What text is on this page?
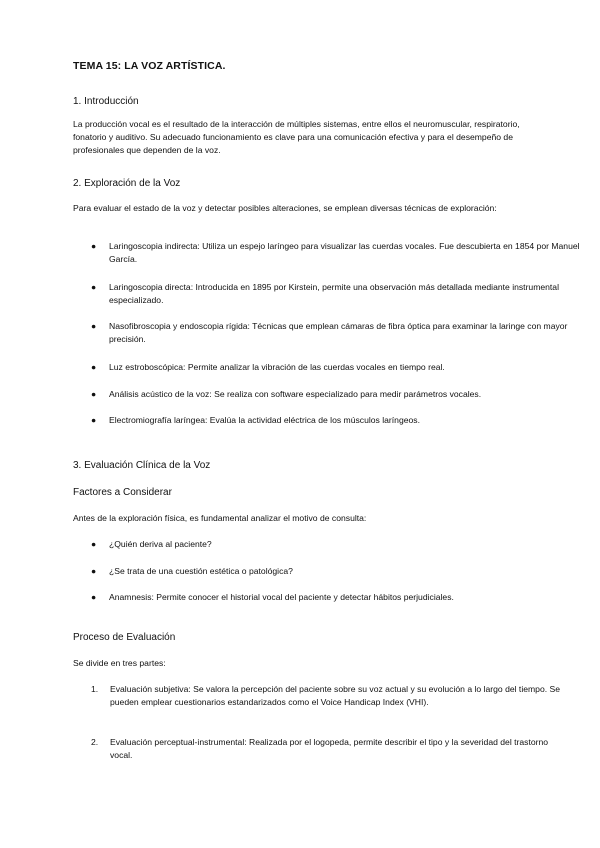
TEMA 15: LA VOZ ARTÍSTICA.
1. Introducción
La producción vocal es el resultado de la interacción de múltiples sistemas, entre ellos el neuromuscular, respiratorio, fonatorio y auditivo. Su adecuado funcionamiento es clave para una comunicación efectiva y para el desempeño de profesionales que dependen de la voz.
2. Exploración de la Voz
Para evaluar el estado de la voz y detectar posibles alteraciones, se emplean diversas técnicas de exploración:
●	Laringoscopia indirecta: Utiliza un espejo laríngeo para visualizar las cuerdas vocales. Fue descubierta en 1854 por Manuel García.
●	Laringoscopia directa: Introducida en 1895 por Kirstein, permite una observación más detallada mediante instrumental especializado.
●	Nasofibroscopia y endoscopia rígida: Técnicas que emplean cámaras de fibra óptica para examinar la laringe con mayor precisión.
●	Luz estroboscópica: Permite analizar la vibración de las cuerdas vocales en tiempo real.
●	Análisis acústico de la voz: Se realiza con software especializado para medir parámetros vocales.
●	Electromiografía laríngea: Evalúa la actividad eléctrica de los músculos laríngeos.
3. Evaluación Clínica de la Voz
Factores a Considerar
Antes de la exploración física, es fundamental analizar el motivo de consulta:
●	¿Quién deriva al paciente?
●	¿Se trata de una cuestión estética o patológica?
●	Anamnesis: Permite conocer el historial vocal del paciente y detectar hábitos perjudiciales.
Proceso de Evaluación
Se divide en tres partes:
1. Evaluación subjetiva: Se valora la percepción del paciente sobre su voz actual y su evolución a lo largo del tiempo. Se pueden emplear cuestionarios estandarizados como el Voice Handicap Index (VHI).
2. Evaluación perceptual-instrumental: Realizada por el logopeda, permite describir el tipo y la severidad del trastorno vocal.
